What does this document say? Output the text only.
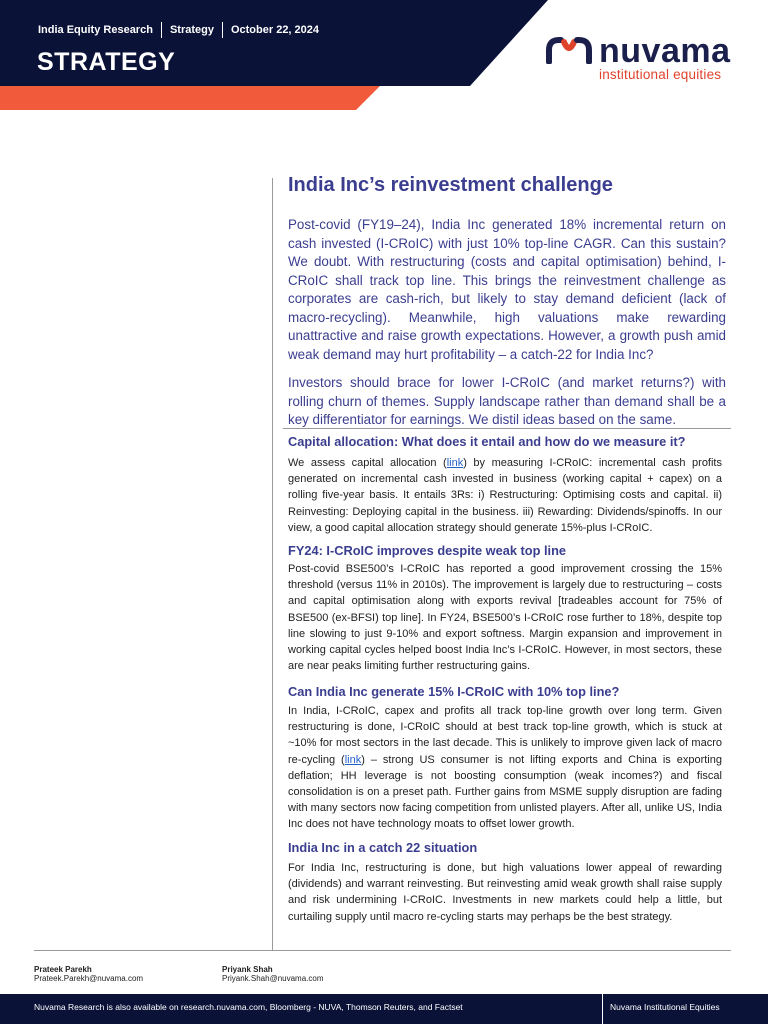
India Equity Research	Strategy	October 22, 2024
STRATEGY	nuvama
institutional equities
India Inc’s reinvestment challenge

Post-covid (FY19–24), India Inc generated 18% incremental return on cash invested (I-CRoIC) with just 10% top-line CAGR. Can this sustain? We doubt. With restructuring (costs and capital optimisation) behind, I-CRoIC shall track top line. This brings the reinvestment challenge as corporates are cash-rich, but likely to stay demand deficient (lack of macro-recycling). Meanwhile, high valuations make rewarding unattractive and raise growth expectations. However, a growth push amid weak demand may hurt profitability – a catch-22 for India Inc?

Investors should brace for lower I-CRoIC (and market returns?) with rolling churn of themes. Supply landscape rather than demand shall be a key differentiator for earnings. We distil ideas based on the same.

Capital allocation: What does it entail and how do we measure it?

We assess capital allocation (link) by measuring I-CRoIC: incremental cash profits generated on incremental cash invested in business (working capital + capex) on a rolling five-year basis. It entails 3Rs: i) Restructuring: Optimising costs and capital. ii) Reinvesting: Deploying capital in the business. iii) Rewarding: Dividends/spinoffs. In our view, a good capital allocation strategy should generate 15%-plus I-CRoIC.

FY24: I-CRoIC improves despite weak top line

Post-covid BSE500’s I-CRoIC has reported a good improvement crossing the 15% threshold (versus 11% in 2010s). The improvement is largely due to restructuring – costs and capital optimisation along with exports revival [tradeables account for 75% of BSE500 (ex-BFSI) top line]. In FY24, BSE500’s I-CRoIC rose further to 18%, despite top line slowing to just 9-10% and export softness. Margin expansion and improvement in working capital cycles helped boost India Inc’s I-CRoIC. However, in most sectors, these are near peaks limiting further restructuring gains.

Can India Inc generate 15% I-CRoIC with 10% top line?

In India, I-CRoIC, capex and profits all track top-line growth over long term. Given restructuring is done, I-CRoIC should at best track top-line growth, which is stuck at ~10% for most sectors in the last decade. This is unlikely to improve given lack of macro re-cycling (link) – strong US consumer is not lifting exports and China is exporting deflation; HH leverage is not boosting consumption (weak incomes?) and fiscal consolidation is on a preset path. Further gains from MSME supply disruption are fading with many sectors now facing competition from unlisted players. After all, unlike US, India Inc does not have technology moats to offset lower growth.

India Inc in a catch 22 situation

For India Inc, restructuring is done, but high valuations lower appeal of rewarding (dividends) and warrant reinvesting. But reinvesting amid weak growth shall raise supply and risk undermining I-CRoIC. Investments in new markets could help a little, but curtailing supply until macro re-cycling starts may perhaps be the best strategy.

Prateek Parekh
Prateek.Parekh@nuvama.com
Priyank Shah
Priyank.Shah@nuvama.com
Nuvama Research is also available on research.nuvama.com, Bloomberg - NUVA, Thomson Reuters, and Factset	Nuvama Institutional Equities
